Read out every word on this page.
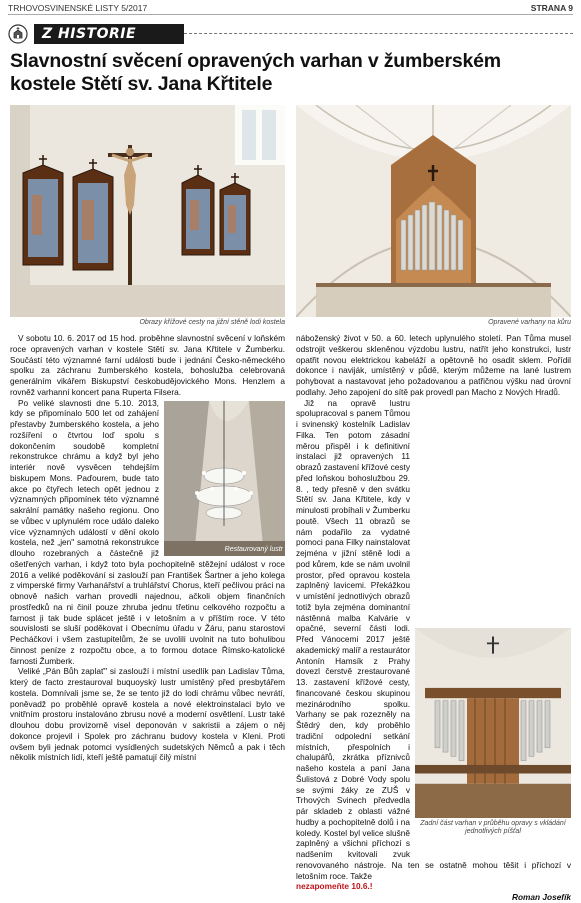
TRHOVOSVINENSKÉ LISTY 5/2017	STRANA 9
Z HISTORIE
Slavnostní svěcení opravených varhan v žumberském kostele Stětí sv. Jana Křtitele
Obrazy křížové cesty na jižní stěně lodi kostela	Opravené varhany na kůru

V sobotu 10. 6. 2017 od 15 hod. proběhne slavnostní svěcení v loňském roce opravených varhan v kostele Stětí sv. Jana Křtitele v Žumberku. Součástí této významné farní události bude i jednání Česko-německého spolku za záchranu žumberského kostela, bohoslužba celebrovaná generálním vikářem Biskupství českobudějovického Mons. Henzlem a rovněž varhanní koncert pana Ruperta Filsera.

Restaurovaný lustr

Po veliké slavnosti dne 5.10. 2013, kdy se připomínalo 500 let od zahájení přestavby žumberského kostela, a jeho rozšíření o čtvrtou loď spolu s dokončením soudobě kompletní rekonstrukce chrámu a když byl jeho interiér nově vysvěcen tehdejším biskupem Mons. Paďourem, bude tato akce po čtyřech letech opět jednou z významných připomínek této významné sakrální památky našeho regionu. Ono se vůbec v uplynulém roce událo daleko více významných událostí v dění okolo kostela, než „jen" samotná rekonstrukce dlouho rozebraných a částečně již ošetřených varhan, i když toto byla pochopitelně stěžejní událost v roce 2016 a veliké poděkování si zaslouží pan František Šartner a jeho kolega z vimperské firmy Varhanářství a truhlářství Chorus, kteří pečlivou práci na obnově našich varhan provedli najednou, ačkoli objem finančních prostředků na ni činil pouze zhruba jednu třetinu celkového rozpočtu a farnost ji tak bude splácet ještě i v letošním a v příštím roce. V této souvislosti se sluší poděkovat i Obecnímu úřadu v Žáru, panu starostovi Pecháčkovi i všem zastupitelům, že se uvolili uvolnit na tuto bohulibou činnost peníze z rozpočtu obce, a to formou dotace Římsko-katolické farnosti Žumberk.

Veliké „Pán Bůh zaplať" si zaslouží i místní usedlík pan Ladislav Tůma, který de facto zrestauroval buquoyský lustr umístěný před presbytářem kostela. Domnívali jsme se, že se tento již do lodi chrámu vůbec nevrátí, poněvadž po proběhlé opravě kostela a nové elektroinstalaci bylo ve vnitřním prostoru instalováno zbrusu nové a moderní osvětlení. Lustr také dlouhou dobu provizorně visel deponován v sakristii a zájem o něj dokonce projevil i Spolek pro záchranu budovy kostela v Kleni. Proti ovšem byli jednak potomci vysídlených sudetských Němců a pak i těch několik místních lidí, kteří ještě pamatují čilý místní

náboženský život v 50. a 60. letech uplynulého století. Pan Tůma musel odstrojit veškerou skleněnou výzdobu lustru, natřít jeho konstrukci, lustr opatřit novou elektrickou kabeláží a opětovně ho osadit sklem. Pořídil dokonce i naviják, umístěný v půdě, kterým můžeme na lané lustrem pohybovat a nastavovat jeho požadovanou a patřičnou výšku nad úrovní podlahy. Jeho zapojení do sítě pak provedl pan Macho z Nových Hradů.

Zadní část varhan v průběhu opravy s vkládání jednotlivých píšťal

Již na opravě lustru spolupracoval s panem Tůmou i svinenský kostelník Ladislav Filka. Ten potom zásadní měrou přispěl i k definitivní instalaci již opravených 11 obrazů zastavení křížové cesty před loňskou bohoslužbou 29. 8. , tedy přesně v den svátku Stětí sv. Jana Křtitele, kdy v minulosti probíhali v Žumberku poutě. Všech 11 obrazů se nám podařilo za vydatné pomoci pana Filky nainstalovat zejména v jižní stěně lodi a pod kůrem, kde se nám uvolnil prostor, před opravou kostela zaplněný lavicemi. Překážkou v umístění jednotlivých obrazů totiž byla zejména dominantní nástěnná malba Kalvárie v opačné, severní části lodi. Před Vánocemi 2017 ještě akademický malíř a restaurátor Antonín Hamsík z Prahy dovezl čerstvě zrestaurované 13. zastavení křížové cesty, financované českou skupinou mezinárodního spolku. Varhany se pak rozezněly na Štědrý den, kdy proběhlo tradiční odpolední setkání místních, přespolních i chalupářů, zkrátka příznivců našeho kostela a paní Jana Šulistová z Dobré Vody spolu se svými žáky ze ZUŠ v Trhových Svinech předvedla pár skladeb z oblasti vážné hudby a pochopitelně dolů i na koledy. Kostel byl velice slušně zaplněný a všichni příchozí s nadšením kvitovali zvuk renovovaného nástroje. Na ten se ostatně mohou těšit i příchozí v letošním roce. Takže

nezapomeňte 10.6.!

Roman Josefík
